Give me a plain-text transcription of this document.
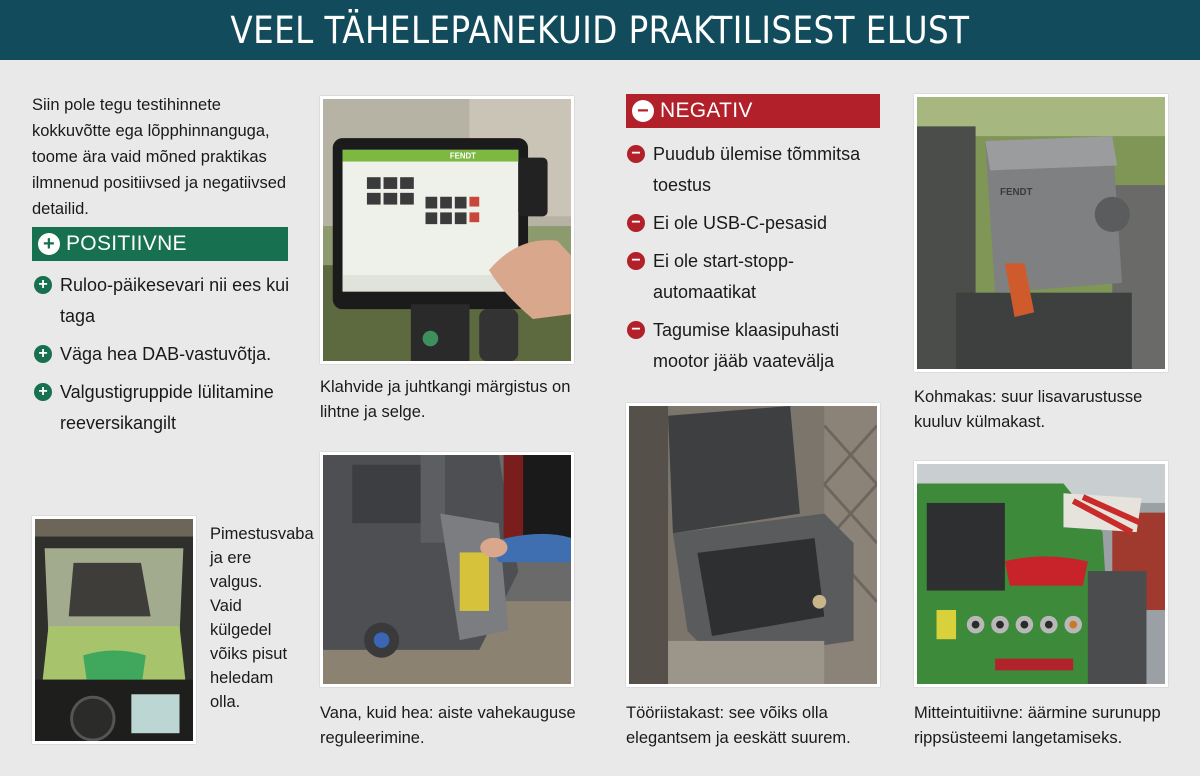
VEEL TÄHELEPANEKUID PRAKTILISEST ELUST

Siin pole tegu testihinnete kokkuvõtte ega lõpphinnanguga, toome ära vaid mõned praktikas ilmnenud positiivsed ja negatiivsed detailid.

+ POSITIIVNE
+ Ruloo-päikesevari nii ees kui taga
+ Väga hea DAB-vastuvõtja.
+ Valgustigruppide lülitamine reeversikangilt
− NEGATIV
− Puudub ülemise tõmmitsa toestus
− Ei ole USB-C-pesasid
− Ei ole start-stopp-automaatikat
− Tagumise klaasipuhasti mootor jääb vaatevälja
FENDT

Klahvide ja juhtkangi märgistus on lihtne ja selge.

Vana, kuid hea: aiste vahekauguse reguleerimine.

Tööriistakast: see võiks olla elegantsem ja eeskätt suurem.

FENDT

Kohmakas: suur lisavarustusse kuuluv külmakast.

Mitteintuitiivne: äärmine surunupp rippsüsteemi langetamiseks.

Pimestusvaba ja ere valgus. Vaid külgedel võiks pisut heledam olla.
